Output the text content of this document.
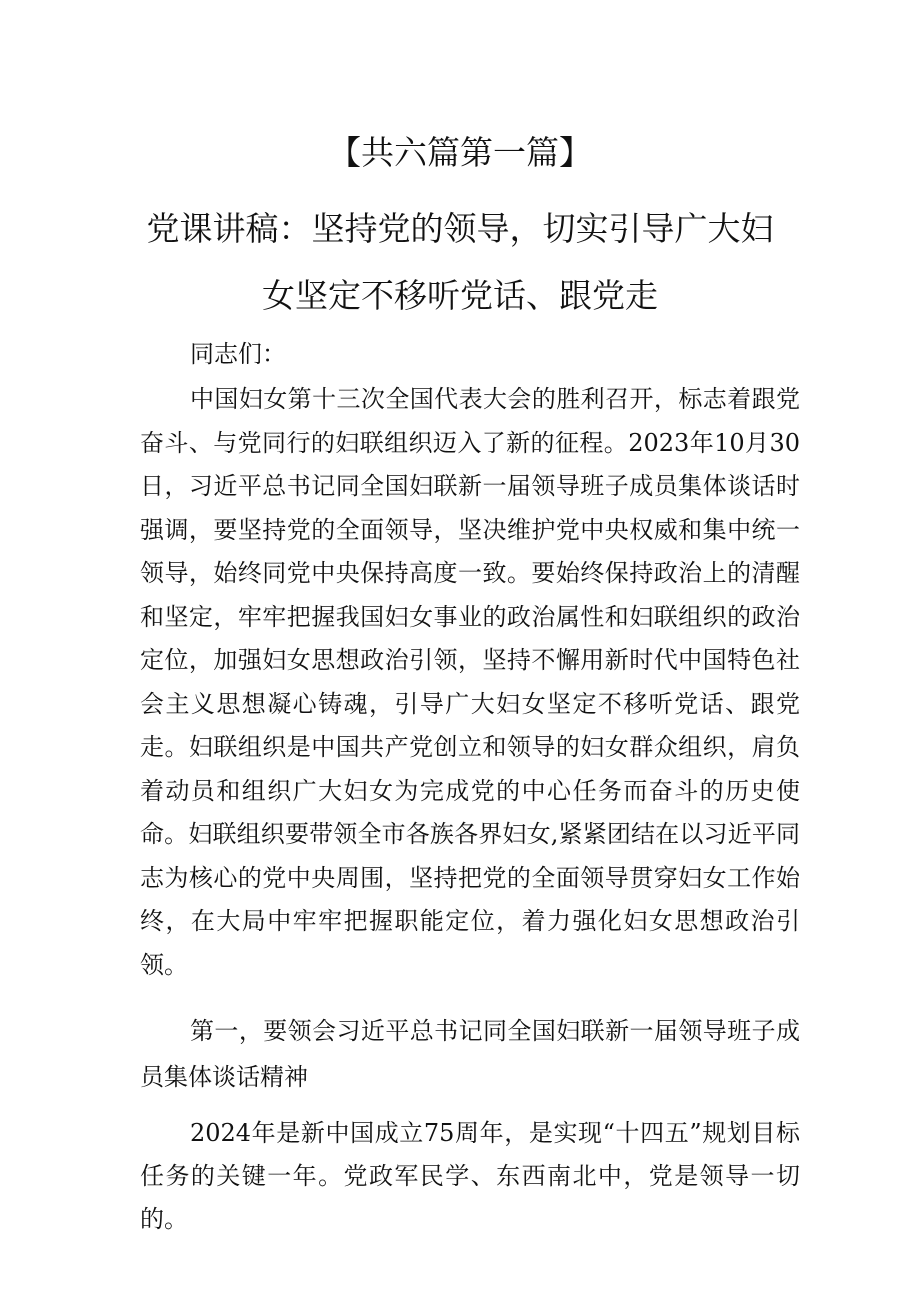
【共六篇第一篇】
党课讲稿：坚持党的领导，切实引导广大妇
女坚定不移听党话、跟党走
同志们：

中国妇女第十三次全国代表大会的胜利召开，标志着跟党奋斗、与党同行的妇联组织迈入了新的征程。2023年10月30日，习近平总书记同全国妇联新一届领导班子成员集体谈话时强调，要坚持党的全面领导，坚决维护党中央权威和集中统一领导，始终同党中央保持高度一致。要始终保持政治上的清醒和坚定，牢牢把握我国妇女事业的政治属性和妇联组织的政治定位，加强妇女思想政治引领，坚持不懈用新时代中国特色社会主义思想凝心铸魂，引导广大妇女坚定不移听党话、跟党走。妇联组织是中国共产党创立和领导的妇女群众组织，肩负着动员和组织广大妇女为完成党的中心任务而奋斗的历史使命。妇联组织要带领全市各族各界妇女,紧紧团结在以习近平同志为核心的党中央周围，坚持把党的全面领导贯穿妇女工作始终，在大局中牢牢把握职能定位，着力强化妇女思想政治引领。

第一，要领会习近平总书记同全国妇联新一届领导班子成员集体谈话精神

2024年是新中国成立75周年，是实现“十四五”规划目标任务的关键一年。党政军民学、东西南北中，党是领导一切的。
